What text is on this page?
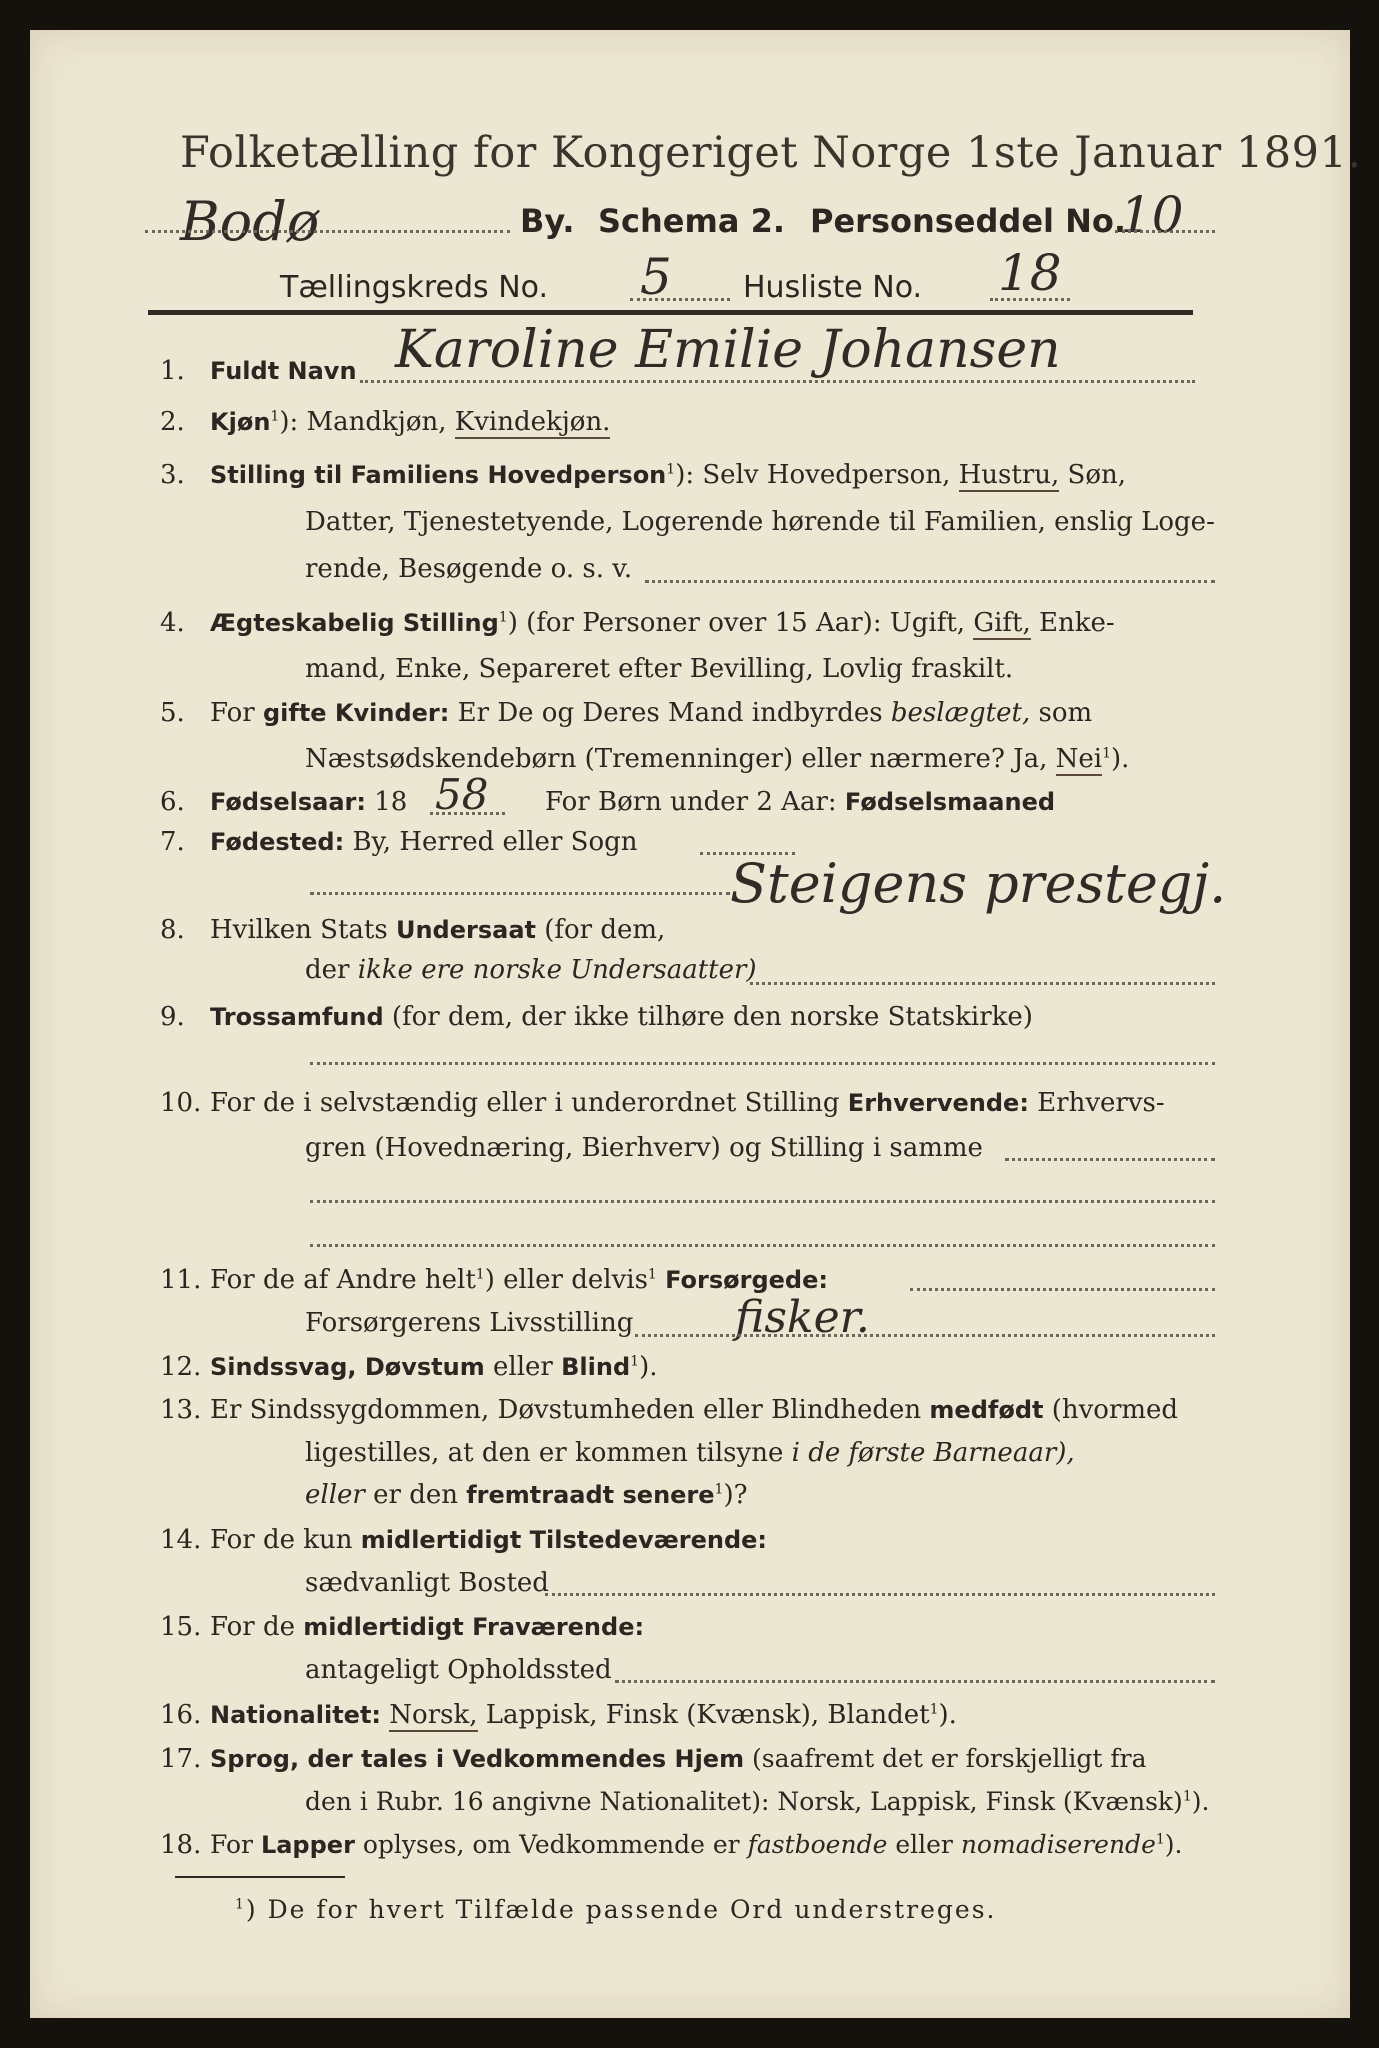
Folketælling for Kongeriget Norge 1ste Januar 1891.
Bodø	By. Schema 2. Personseddel No.
10
Tællingskreds No. 5 Husliste No. 18
1. Fuldt Navn Karoline Emilie Johansen
2. Kjøn$^1$): Mandkjøn, Kvindekjøn.
3. Stilling til Familiens Hovedperson$^1$): Selv Hovedperson, Hustru, Søn,
Datter, Tjenestetyende, Logerende hørende til Familien, enslig Loge-
rende, Besøgende o. s. v.
4. Ægteskabelig Stilling$^1$) (for Personer over 15 Aar): Ugift, Gift, Enke-
mand, Enke, Separeret efter Bevilling, Lovlig fraskilt.
5. For gifte Kvinder: Er De og Deres Mand indbyrdes beslægtet, som
Næstsødskendebørn (Tremenninger) eller nærmere? Ja, Nei$^1$).
6. Fødselsaar: 18 58 For Børn under 2 Aar: Fødselsmaaned
7. Fødested: By, Herred eller Sogn
Steigens prestegj.
8. Hvilken Stats Undersaat (for dem,
der ikke ere norske Undersaatter)
9. Trossamfund (for dem, der ikke tilhøre den norske Statskirke)
10. For de i selvstændig eller i underordnet Stilling Erhvervende: Erhvervs-
gren (Hovednæring, Bierhverv) og Stilling i samme
11. For de af Andre helt$^1$) eller delvis$^1$ Forsørgede:
Forsørgerens Livsstilling fisker.
12. Sindssvag, Døvstum eller Blind$^1$).
13. Er Sindssygdommen, Døvstumheden eller Blindheden medfødt (hvormed
ligestilles, at den er kommen tilsyne i de første Barneaar),
eller er den fremtraadt senere$^1$)?
14. For de kun midlertidigt Tilstedeværende:
sædvanligt Bosted
15. For de midlertidigt Fraværende:
antageligt Opholdssted
16. Nationalitet: Norsk, Lappisk, Finsk (Kvænsk), Blandet$^1$).
17. Sprog, der tales i Vedkommendes Hjem (saafremt det er forskjelligt fra
den i Rubr. 16 angivne Nationalitet): Norsk, Lappisk, Finsk (Kvænsk)$^1$).
18. For Lapper oplyses, om Vedkommende er fastboende eller nomadiserende$^1$).
$^1$) De for hvert Tilfælde passende Ord understreges.
